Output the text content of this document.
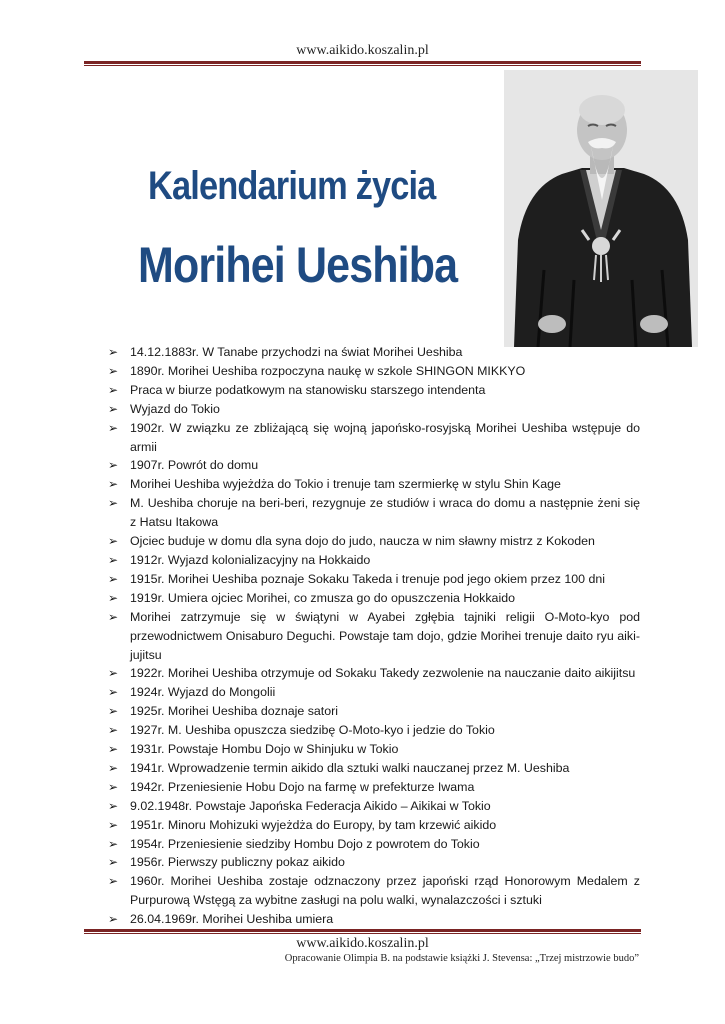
www.aikido.koszalin.pl
Kalendarium życia
Morihei Ueshiba
➢ 14.12.1883r. W Tanabe przychodzi na świat Morihei Ueshiba
➢ 1890r. Morihei Ueshiba rozpoczyna naukę w szkole SHINGON MIKKYO
➢ Praca w biurze podatkowym na stanowisku starszego intendenta
➢ Wyjazd do Tokio
➢ 1902r. W związku ze zbliżającą się wojną japońsko-rosyjską Morihei Ueshiba wstępuje do armii
➢ 1907r. Powrót do domu
➢ Morihei Ueshiba wyjeżdża do Tokio i trenuje tam szermierkę w stylu Shin Kage
➢ M. Ueshiba choruje na beri-beri, rezygnuje ze studiów i wraca do domu a następnie żeni się z Hatsu Itakowa
➢ Ojciec buduje w domu dla syna dojo do judo, naucza w nim sławny mistrz z Kokoden
➢ 1912r. Wyjazd kolonializacyjny na Hokkaido
➢ 1915r. Morihei Ueshiba poznaje Sokaku Takeda i trenuje pod jego okiem przez 100 dni
➢ 1919r. Umiera ojciec Morihei, co zmusza go do opuszczenia Hokkaido
➢ Morihei zatrzymuje się w świątyni w Ayabei zgłębia tajniki religii O-Moto-kyo pod przewodnictwem Onisaburo Deguchi. Powstaje tam dojo, gdzie Morihei trenuje daito ryu aiki-jujitsu
➢ 1922r. Morihei Ueshiba otrzymuje od Sokaku Takedy zezwolenie na nauczanie daito aikijitsu
➢ 1924r. Wyjazd do Mongolii
➢ 1925r. Morihei Ueshiba doznaje satori
➢ 1927r. M. Ueshiba opuszcza siedzibę O-Moto-kyo i jedzie do Tokio
➢ 1931r. Powstaje Hombu Dojo w Shinjuku w Tokio
➢ 1941r. Wprowadzenie termin aikido dla sztuki walki nauczanej przez M. Ueshiba
➢ 1942r. Przeniesienie Hobu Dojo na farmę w prefekturze Iwama
➢ 9.02.1948r. Powstaje Japońska Federacja Aikido – Aikikai w Tokio
➢ 1951r. Minoru Mohizuki wyjeżdża do Europy, by tam krzewić aikido
➢ 1954r. Przeniesienie siedziby Hombu Dojo z powrotem do Tokio
➢ 1956r. Pierwszy publiczny pokaz aikido
➢ 1960r. Morihei Ueshiba zostaje odznaczony przez japoński rząd Honorowym Medalem z Purpurową Wstęgą za wybitne zasługi na polu walki, wynalazczości i sztuki
➢ 26.04.1969r. Morihei Ueshiba umiera
www.aikido.koszalin.pl
Opracowanie Olimpia B. na podstawie książki J. Stevensa: „Trzej mistrzowie budo”
